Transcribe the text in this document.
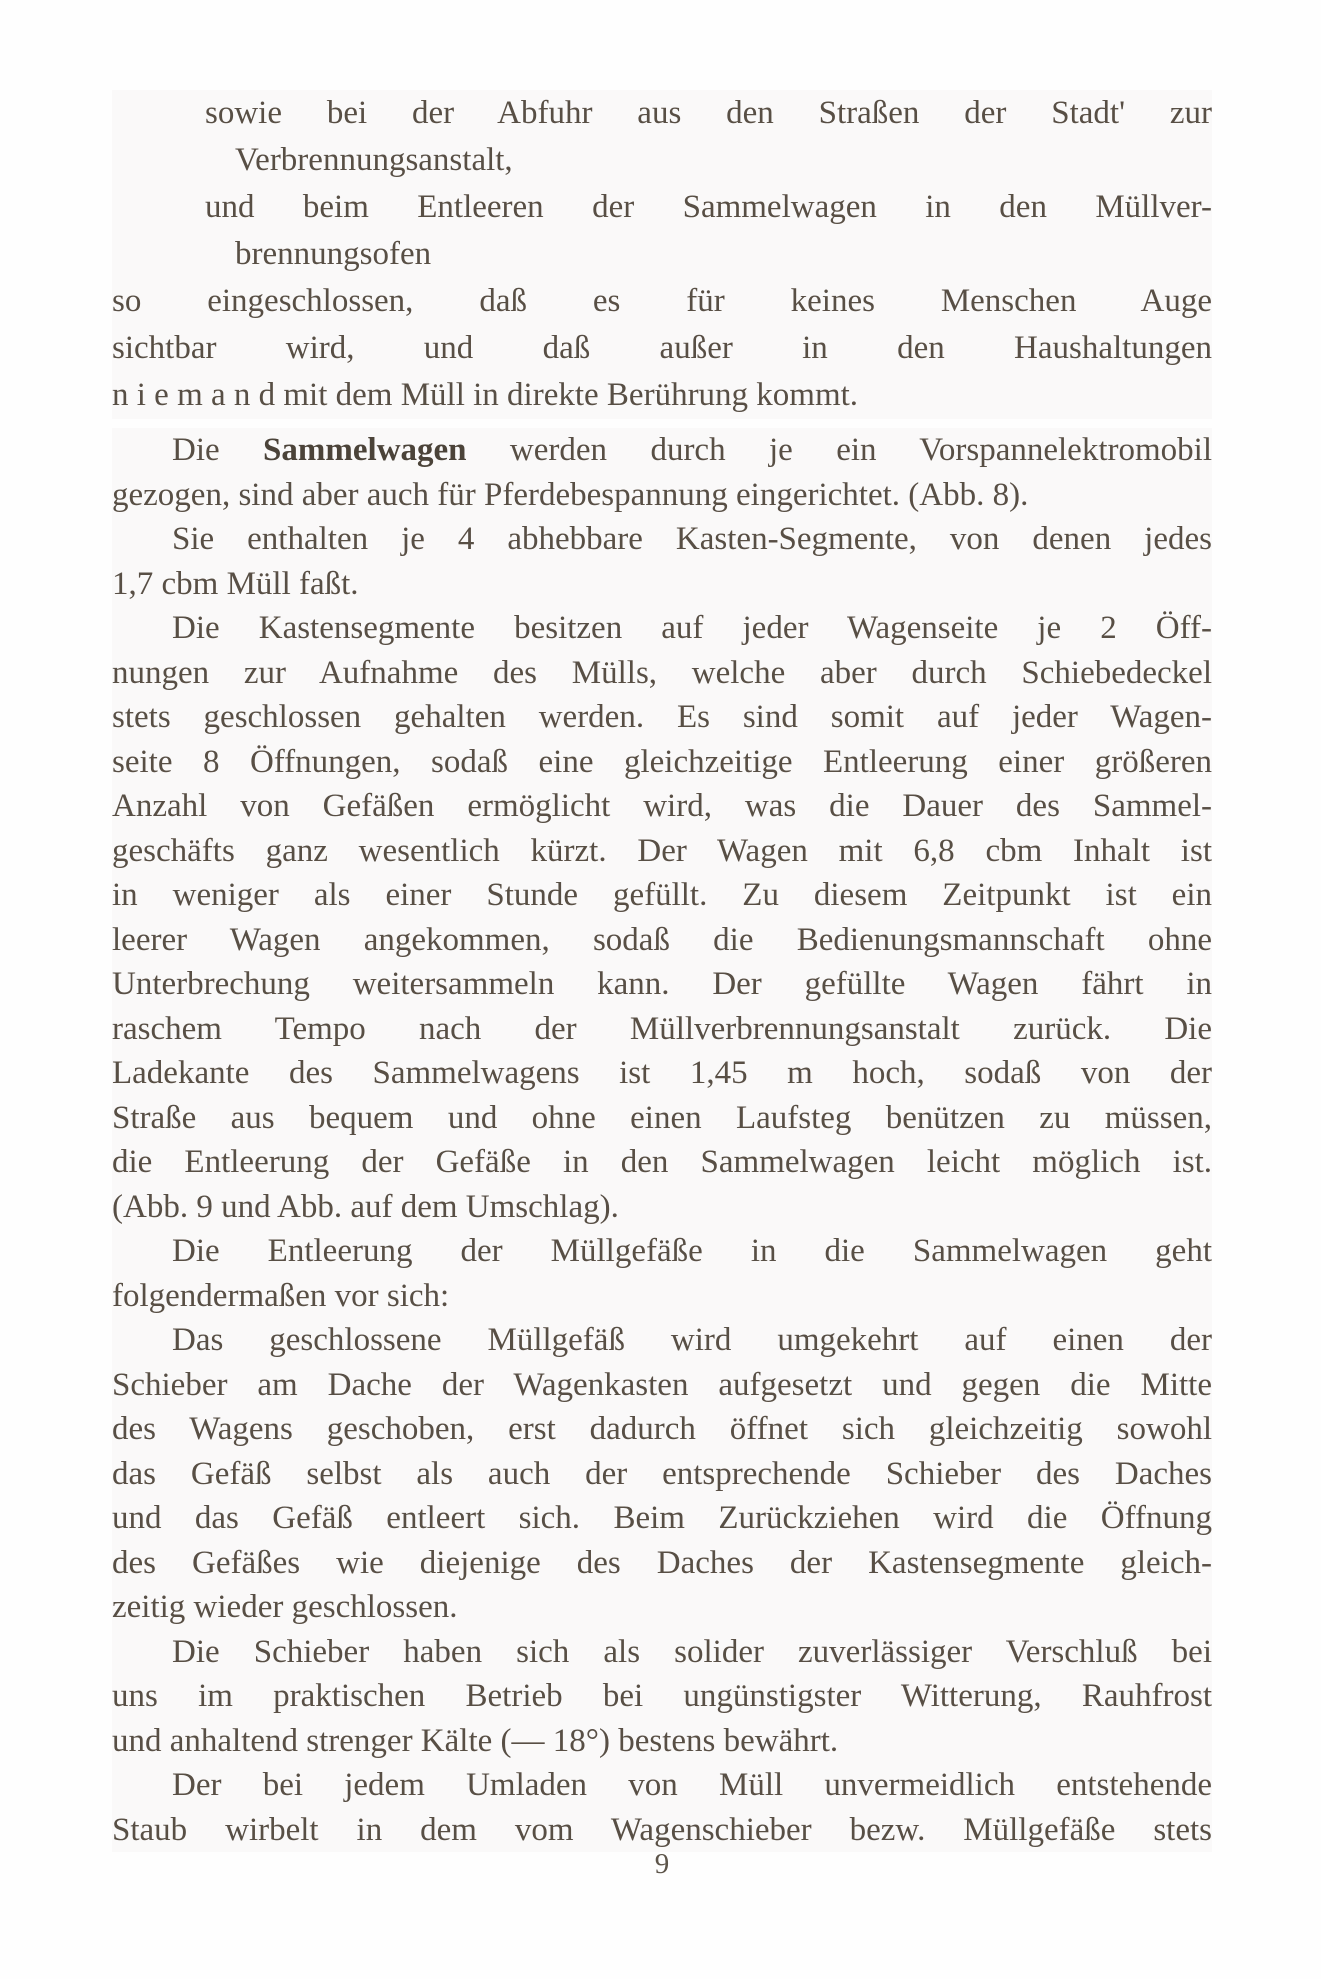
sowie bei der Abfuhr aus den Straßen der Stadt' zur
Verbrennungsanstalt,
und beim Entleeren der Sammelwagen in den Müllver-
brennungsofen
so eingeschlossen, daß es für keines Menschen Auge
sichtbar wird, und daß außer in den Haushaltungen
n i e m a n d mit dem Müll in direkte Berührung kommt.
Die Sammelwagen werden durch je ein Vorspannelektromobil
gezogen, sind aber auch für Pferdebespannung eingerichtet. (Abb. 8).
Sie enthalten je 4 abhebbare Kasten-Segmente, von denen jedes
1,7 cbm Müll faßt.
Die Kastensegmente besitzen auf jeder Wagenseite je 2 Öff-
nungen zur Aufnahme des Mülls, welche aber durch Schiebedeckel
stets geschlossen gehalten werden. Es sind somit auf jeder Wagen-
seite 8 Öffnungen, sodaß eine gleichzeitige Entleerung einer größeren
Anzahl von Gefäßen ermöglicht wird, was die Dauer des Sammel-
geschäfts ganz wesentlich kürzt. Der Wagen mit 6,8 cbm Inhalt ist
in weniger als einer Stunde gefüllt. Zu diesem Zeitpunkt ist ein
leerer Wagen angekommen, sodaß die Bedienungsmannschaft ohne
Unterbrechung weitersammeln kann. Der gefüllte Wagen fährt in
raschem Tempo nach der Müllverbrennungsanstalt zurück. Die
Ladekante des Sammelwagens ist 1,45 m hoch, sodaß von der
Straße aus bequem und ohne einen Laufsteg benützen zu müssen,
die Entleerung der Gefäße in den Sammelwagen leicht möglich ist.
(Abb. 9 und Abb. auf dem Umschlag).
Die Entleerung der Müllgefäße in die Sammelwagen geht
folgendermaßen vor sich:
Das geschlossene Müllgefäß wird umgekehrt auf einen der
Schieber am Dache der Wagenkasten aufgesetzt und gegen die Mitte
des Wagens geschoben, erst dadurch öffnet sich gleichzeitig sowohl
das Gefäß selbst als auch der entsprechende Schieber des Daches
und das Gefäß entleert sich. Beim Zurückziehen wird die Öffnung
des Gefäßes wie diejenige des Daches der Kastensegmente gleich-
zeitig wieder geschlossen.
Die Schieber haben sich als solider zuverlässiger Verschluß bei
uns im praktischen Betrieb bei ungünstigster Witterung, Rauhfrost
und anhaltend strenger Kälte (— 18°) bestens bewährt.
Der bei jedem Umladen von Müll unvermeidlich entstehende
Staub wirbelt in dem vom Wagenschieber bezw. Müllgefäße stets
9
